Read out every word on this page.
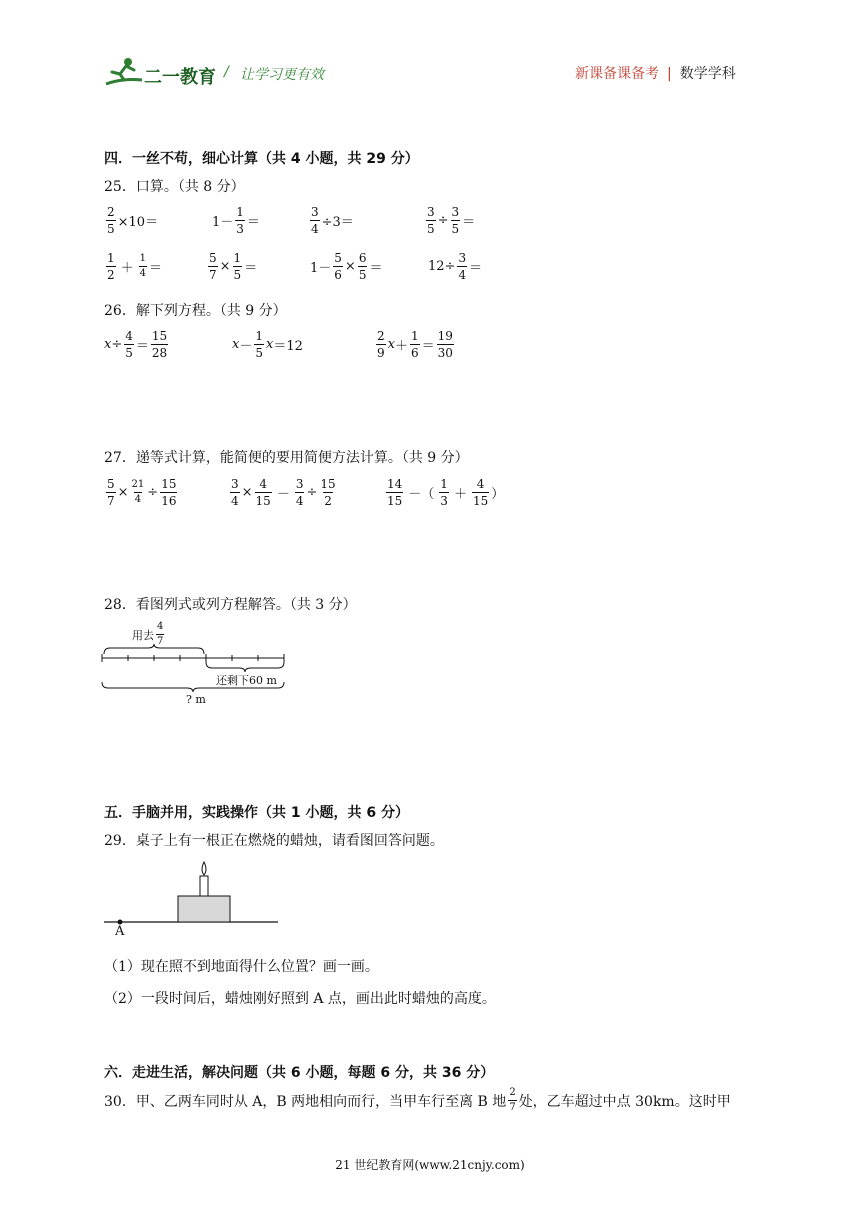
二一教育 / 让学习更有效	新课备课备考 | 数学学科
四．一丝不苟，细心计算（共 4 小题，共 29 分）
25．口算。（共 8 分）
$\frac{2}{5} \times 10=$	1－
1
3 ＝	$\frac{3}{4} \div 3=$	$\frac{3}{5} \div \frac{3}{5}$ ＝
1
2 ＋
1
4 ＝	$\frac{5}{7} \times \frac{1}{5}$ ＝	$1- \frac{5}{6} \times \frac{6}{5}$ ＝	$12\div \frac{3}{4}$ ＝
26．解下列方程。（共 9 分）
$x \div \frac{4}{5}$ ＝
15
28
x －
1
5
x ＝12
2
9
x ＋
1
6 ＝
19
30
27．递等式计算，能简便的要用简便方法计算。（共 9 分）
$\frac{5}{7} \times \frac{21}{4} \div \frac{15}{16}$	$\frac{3}{4} \times \frac{4}{15} - \frac{3}{4} \div \frac{15}{2}$	14
15 －（
1
3 ＋
4
15 ）
28．看图列式或列方程解答。（共 3 分）
用去
4
7
还剩下60 m
? m
五．手脑并用，实践操作（共 1 小题，共 6 分）
29．桌子上有一根正在燃烧的蜡烛，请看图回答问题。
A
（1）现在照不到地面得什么位置？画一画。
（2）一段时间后，蜡烛刚好照到 A 点，画出此时蜡烛的高度。
六．走进生活，解决问题（共 6 小题，每题 6 分，共 36 分）
30．甲、乙两车同时从 A，B 两地相向而行，当甲车行至离 B 地
2
7 处，乙车超过中点 30km。这时甲
21 世纪教育网(www.21cnjy.com)
